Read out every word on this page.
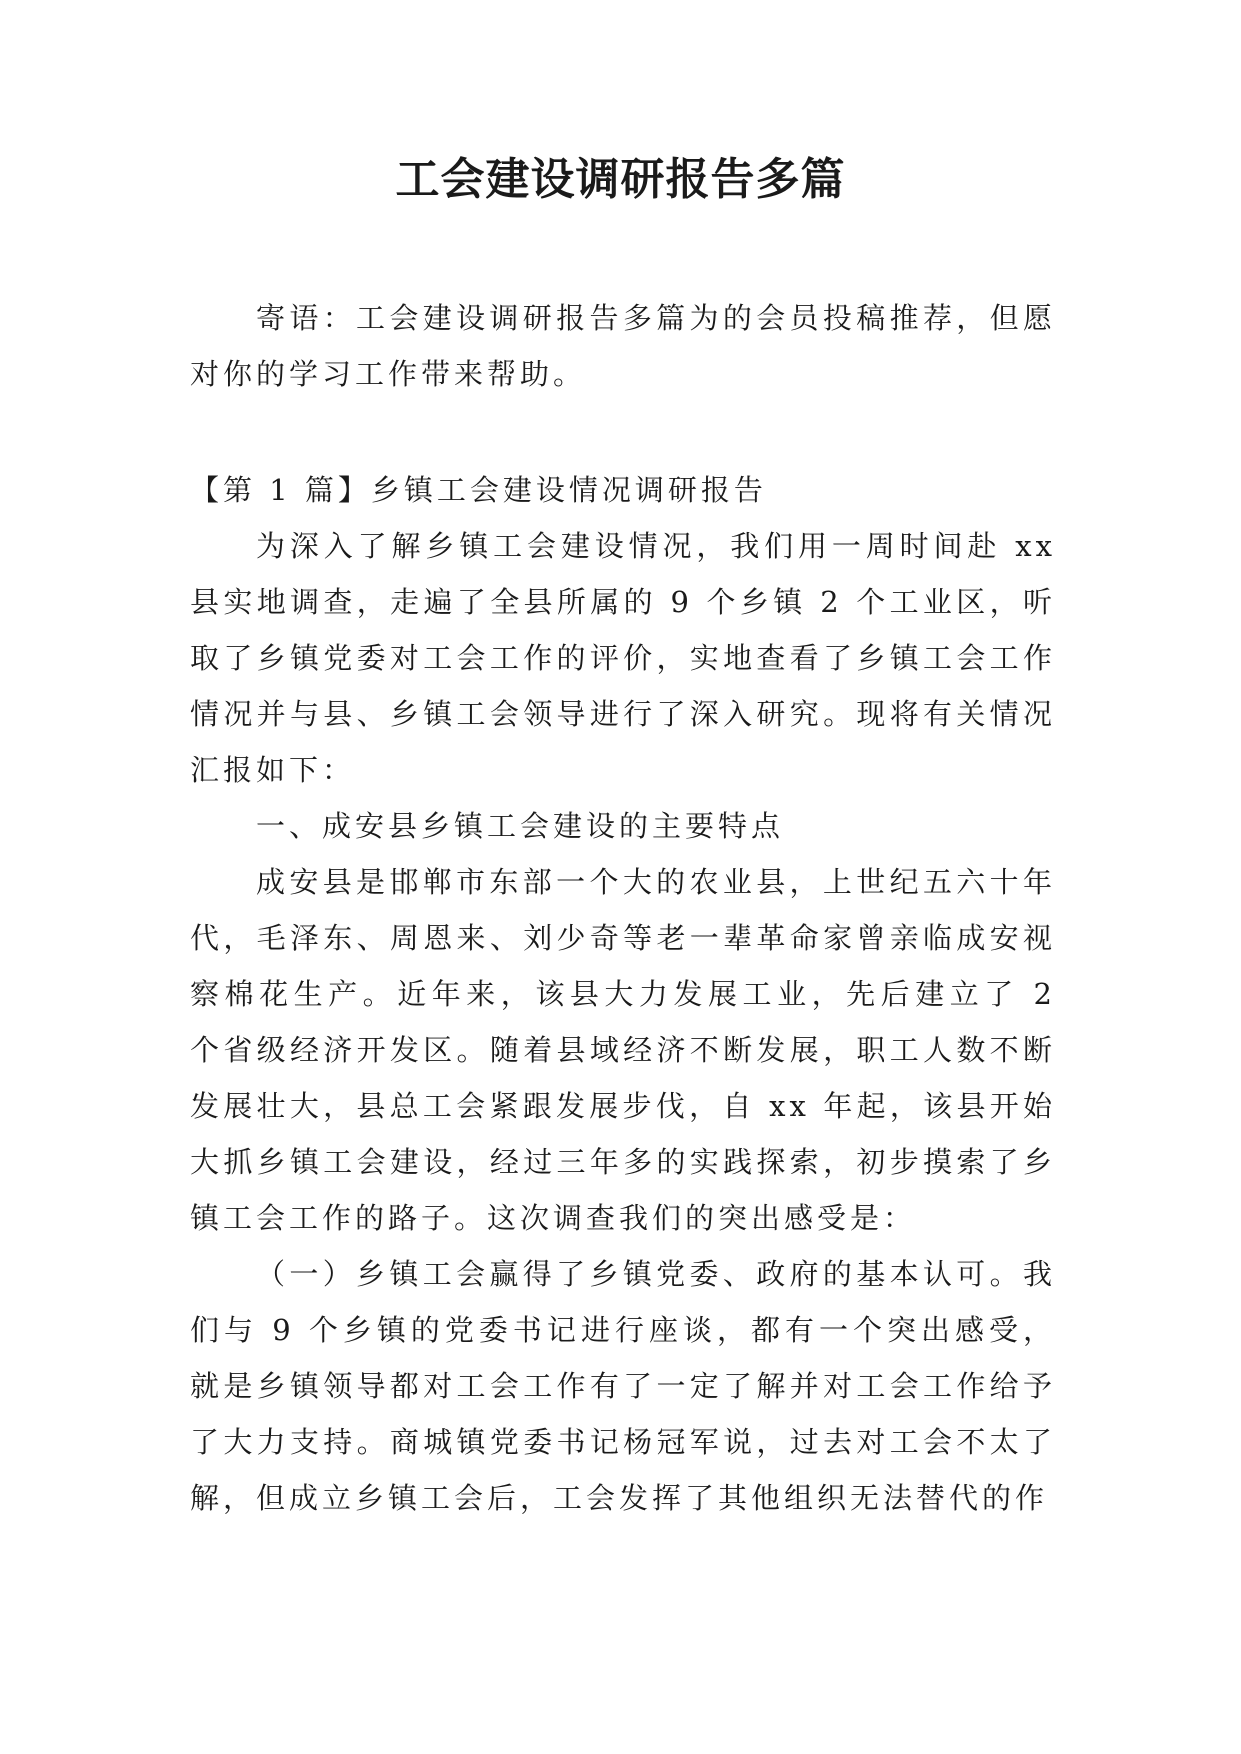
工会建设调研报告多篇

寄语：工会建设调研报告多篇为的会员投稿推荐，但愿对你的学习工作带来帮助。

【第 1 篇】乡镇工会建设情况调研报告

为深入了解乡镇工会建设情况，我们用一周时间赴 xx 县实地调查，走遍了全县所属的 9 个乡镇 2 个工业区，听取了乡镇党委对工会工作的评价，实地查看了乡镇工会工作情况并与县、乡镇工会领导进行了深入研究。现将有关情况汇报如下：

一、成安县乡镇工会建设的主要特点

成安县是邯郸市东部一个大的农业县，上世纪五六十年代，毛泽东、周恩来、刘少奇等老一辈革命家曾亲临成安视察棉花生产。近年来，该县大力发展工业，先后建立了 2 个省级经济开发区。随着县域经济不断发展，职工人数不断发展壮大，县总工会紧跟发展步伐，自 xx 年起，该县开始大抓乡镇工会建设，经过三年多的实践探索，初步摸索了乡镇工会工作的路子。这次调查我们的突出感受是：

（一）乡镇工会赢得了乡镇党委、政府的基本认可。我们与 9 个乡镇的党委书记进行座谈，都有一个突出感受，就是乡镇领导都对工会工作有了一定了解并对工会工作给予了大力支持。商城镇党委书记杨冠军说，过去对工会不太了解，但成立乡镇工会后，工会发挥了其他组织无法替代的作
